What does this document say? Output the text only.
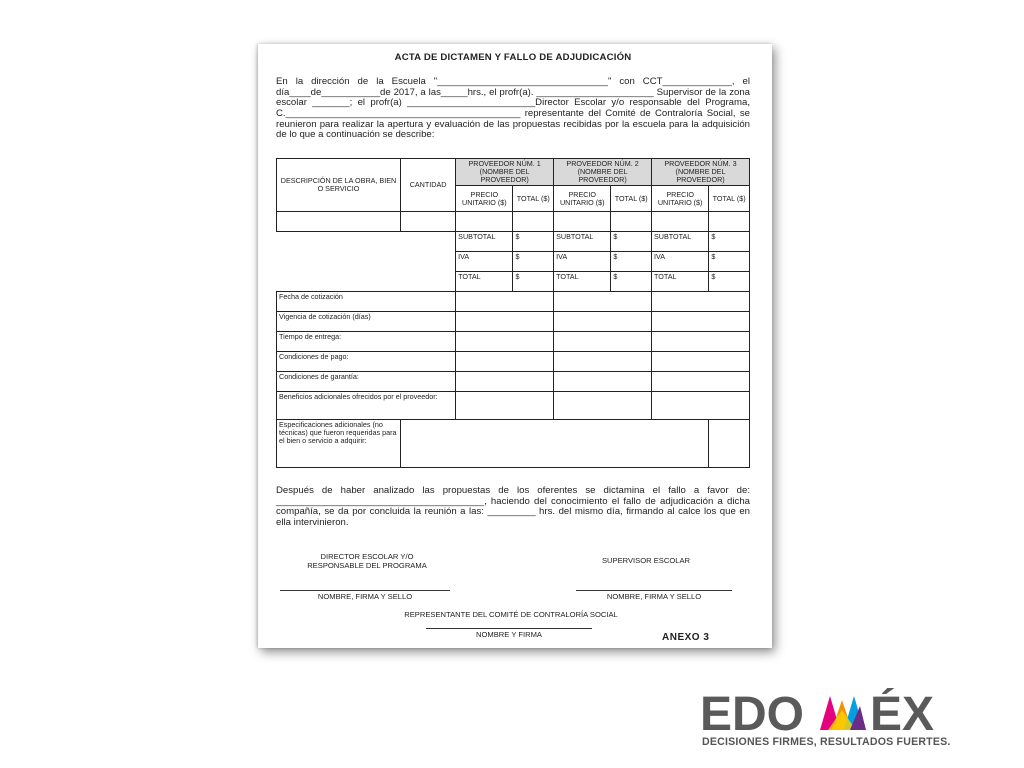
ACTA DE DICTAMEN Y FALLO DE ADJUDICACIÓN
En la dirección de la Escuela "________________________________" con CCT_____________, el día____de___________de 2017, a las_____hrs., el profr(a). ______________________ Supervisor de la zona escolar _______; el profr(a) ________________________Director Escolar y/o responsable del Programa, C.____________________________________________ representante del Comité de Contraloría Social, se reunieron para realizar la apertura y evaluación de las propuestas recibidas por la escuela para la adquisición de lo que a continuación se describe:
DESCRIPCIÓN DE LA OBRA, BIEN O SERVICIO	CANTIDAD	PROVEEDOR NÚM. 1 (NOMBRE DEL PROVEEDOR)		PROVEEDOR NÚM. 2 (NOMBRE DEL PROVEEDOR)		PROVEEDOR NÚM. 3 (NOMBRE DEL PROVEEDOR)	
		PRECIO UNITARIO ($)	TOTAL ($)	PRECIO UNITARIO ($)	TOTAL ($)	PRECIO UNITARIO ($)	TOTAL ($)

		SUBTOTAL	$	SUBTOTAL	$	SUBTOTAL	$
		IVA	$	IVA	$	IVA	$
		TOTAL	$	TOTAL	$	TOTAL	$
Fecha de cotización							
Vigencia de cotización (días)							
Tiempo de entrega:							
Condiciones de pago:							
Condiciones de garantía:							
Beneficios adicionales ofrecidos por el proveedor:							
Especificaciones adicionales (no técnicas) que fueron requeridas para el bien o servicio a adquirir:							
Después de haber analizado las propuestas de los oferentes se dictamina el fallo a favor de: _______________________________________, haciendo del conocimiento el fallo de adjudicación a dicha compañía, se da por concluida la reunión a las: _________ hrs. del mismo día, firmando al calce los que en ella intervinieron.
DIRECTOR ESCOLAR Y/O RESPONSABLE DEL PROGRAMA
NOMBRE, FIRMA Y SELLO
SUPERVISOR ESCOLAR
NOMBRE, FIRMA Y SELLO
REPRESENTANTE DEL COMITÉ DE CONTRALORÍA SOCIAL
NOMBRE Y FIRMA	ANEXO 3
EDO ÉX
DECISIONES FIRMES, RESULTADOS FUERTES.
